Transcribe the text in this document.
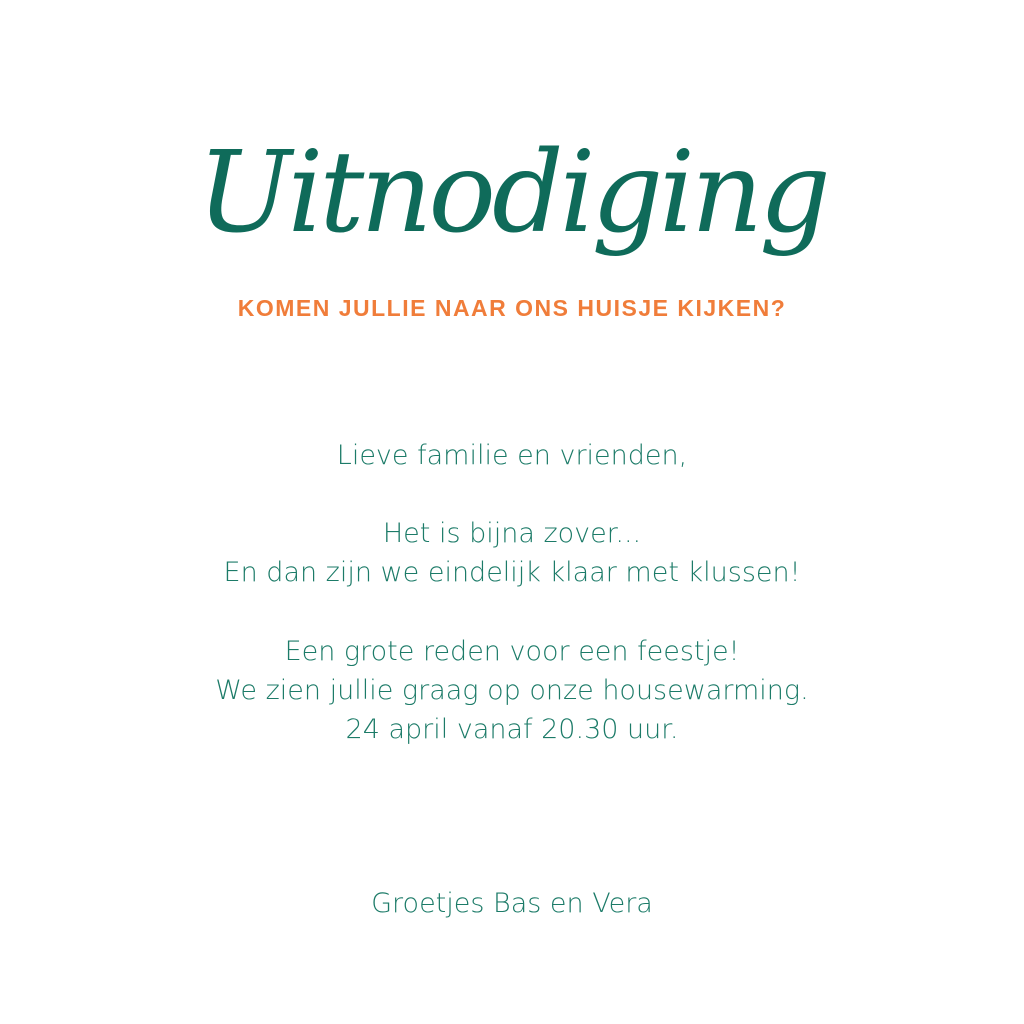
Uitnodiging
KOMEN JULLIE NAAR ONS HUISJE KIJKEN?
Lieve familie en vrienden,
Het is bijna zover...
En dan zijn we eindelijk klaar met klussen!
Een grote reden voor een feestje!
We zien jullie graag op onze housewarming.
24 april vanaf 20.30 uur.
Groetjes Bas en Vera
